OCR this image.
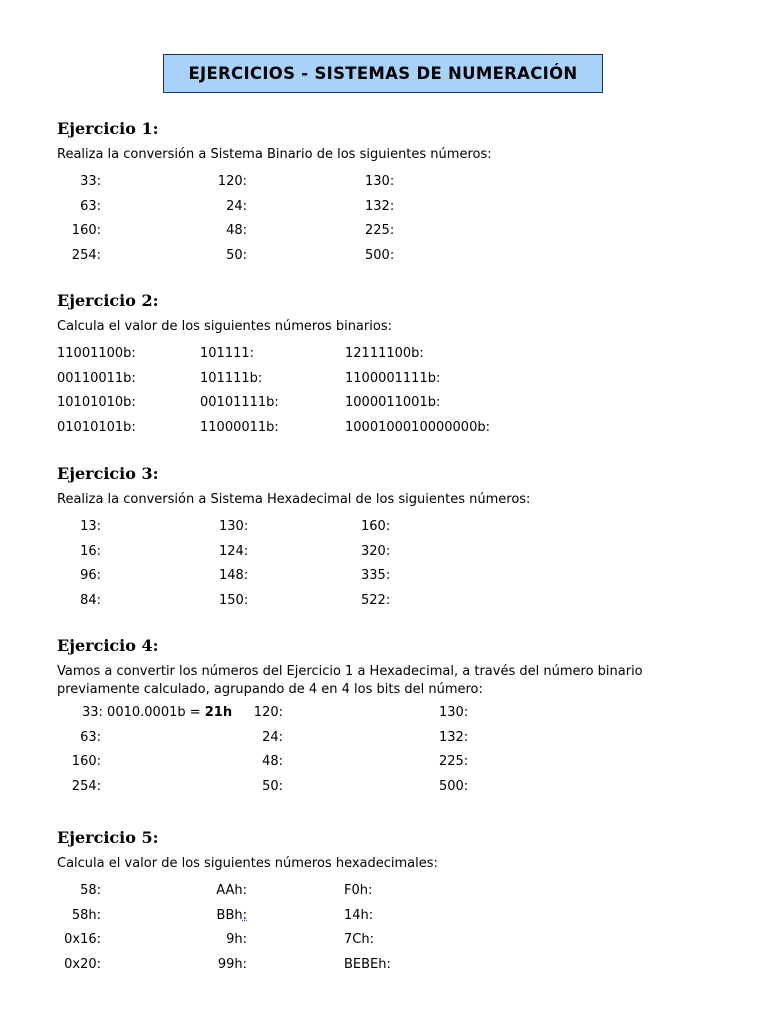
EJERCICIOS - SISTEMAS DE NUMERACIÓN
Ejercicio 1:
Realiza la conversión a Sistema Binario de los siguientes números:
33:	120:	130:
63:	24:	132:
160:	48:	225:
254:	50:	500:
Ejercicio 2:
Calcula el valor de los siguientes números binarios:
11001100b:	101111:	12111100b:
00110011b:	101111b:	1100001111b:
10101010b:	00101111b:	1000011001b:
01010101b:	11000011b:	1000100010000000b:
Ejercicio 3:
Realiza la conversión a Sistema Hexadecimal de los siguientes números:
13:	130:	160:
16:	124:	320:
96:	148:	335:
84:	150:	522:
Ejercicio 4:
Vamos a convertir los números del Ejercicio 1 a Hexadecimal, a través del número binario previamente calculado, agrupando de 4 en 4 los bits del número:
33: 0010.0001b = 21h 120:	130:
63:	24:	132:
160:	48:	225:
254:	50:	500:
Ejercicio 5:
Calcula el valor de los siguientes números hexadecimales:
58:	AAh:	F0h:
58h:	BBh:	14h:
0x16:	9h:	7Ch:
0x20:	99h:	BEBEh:
